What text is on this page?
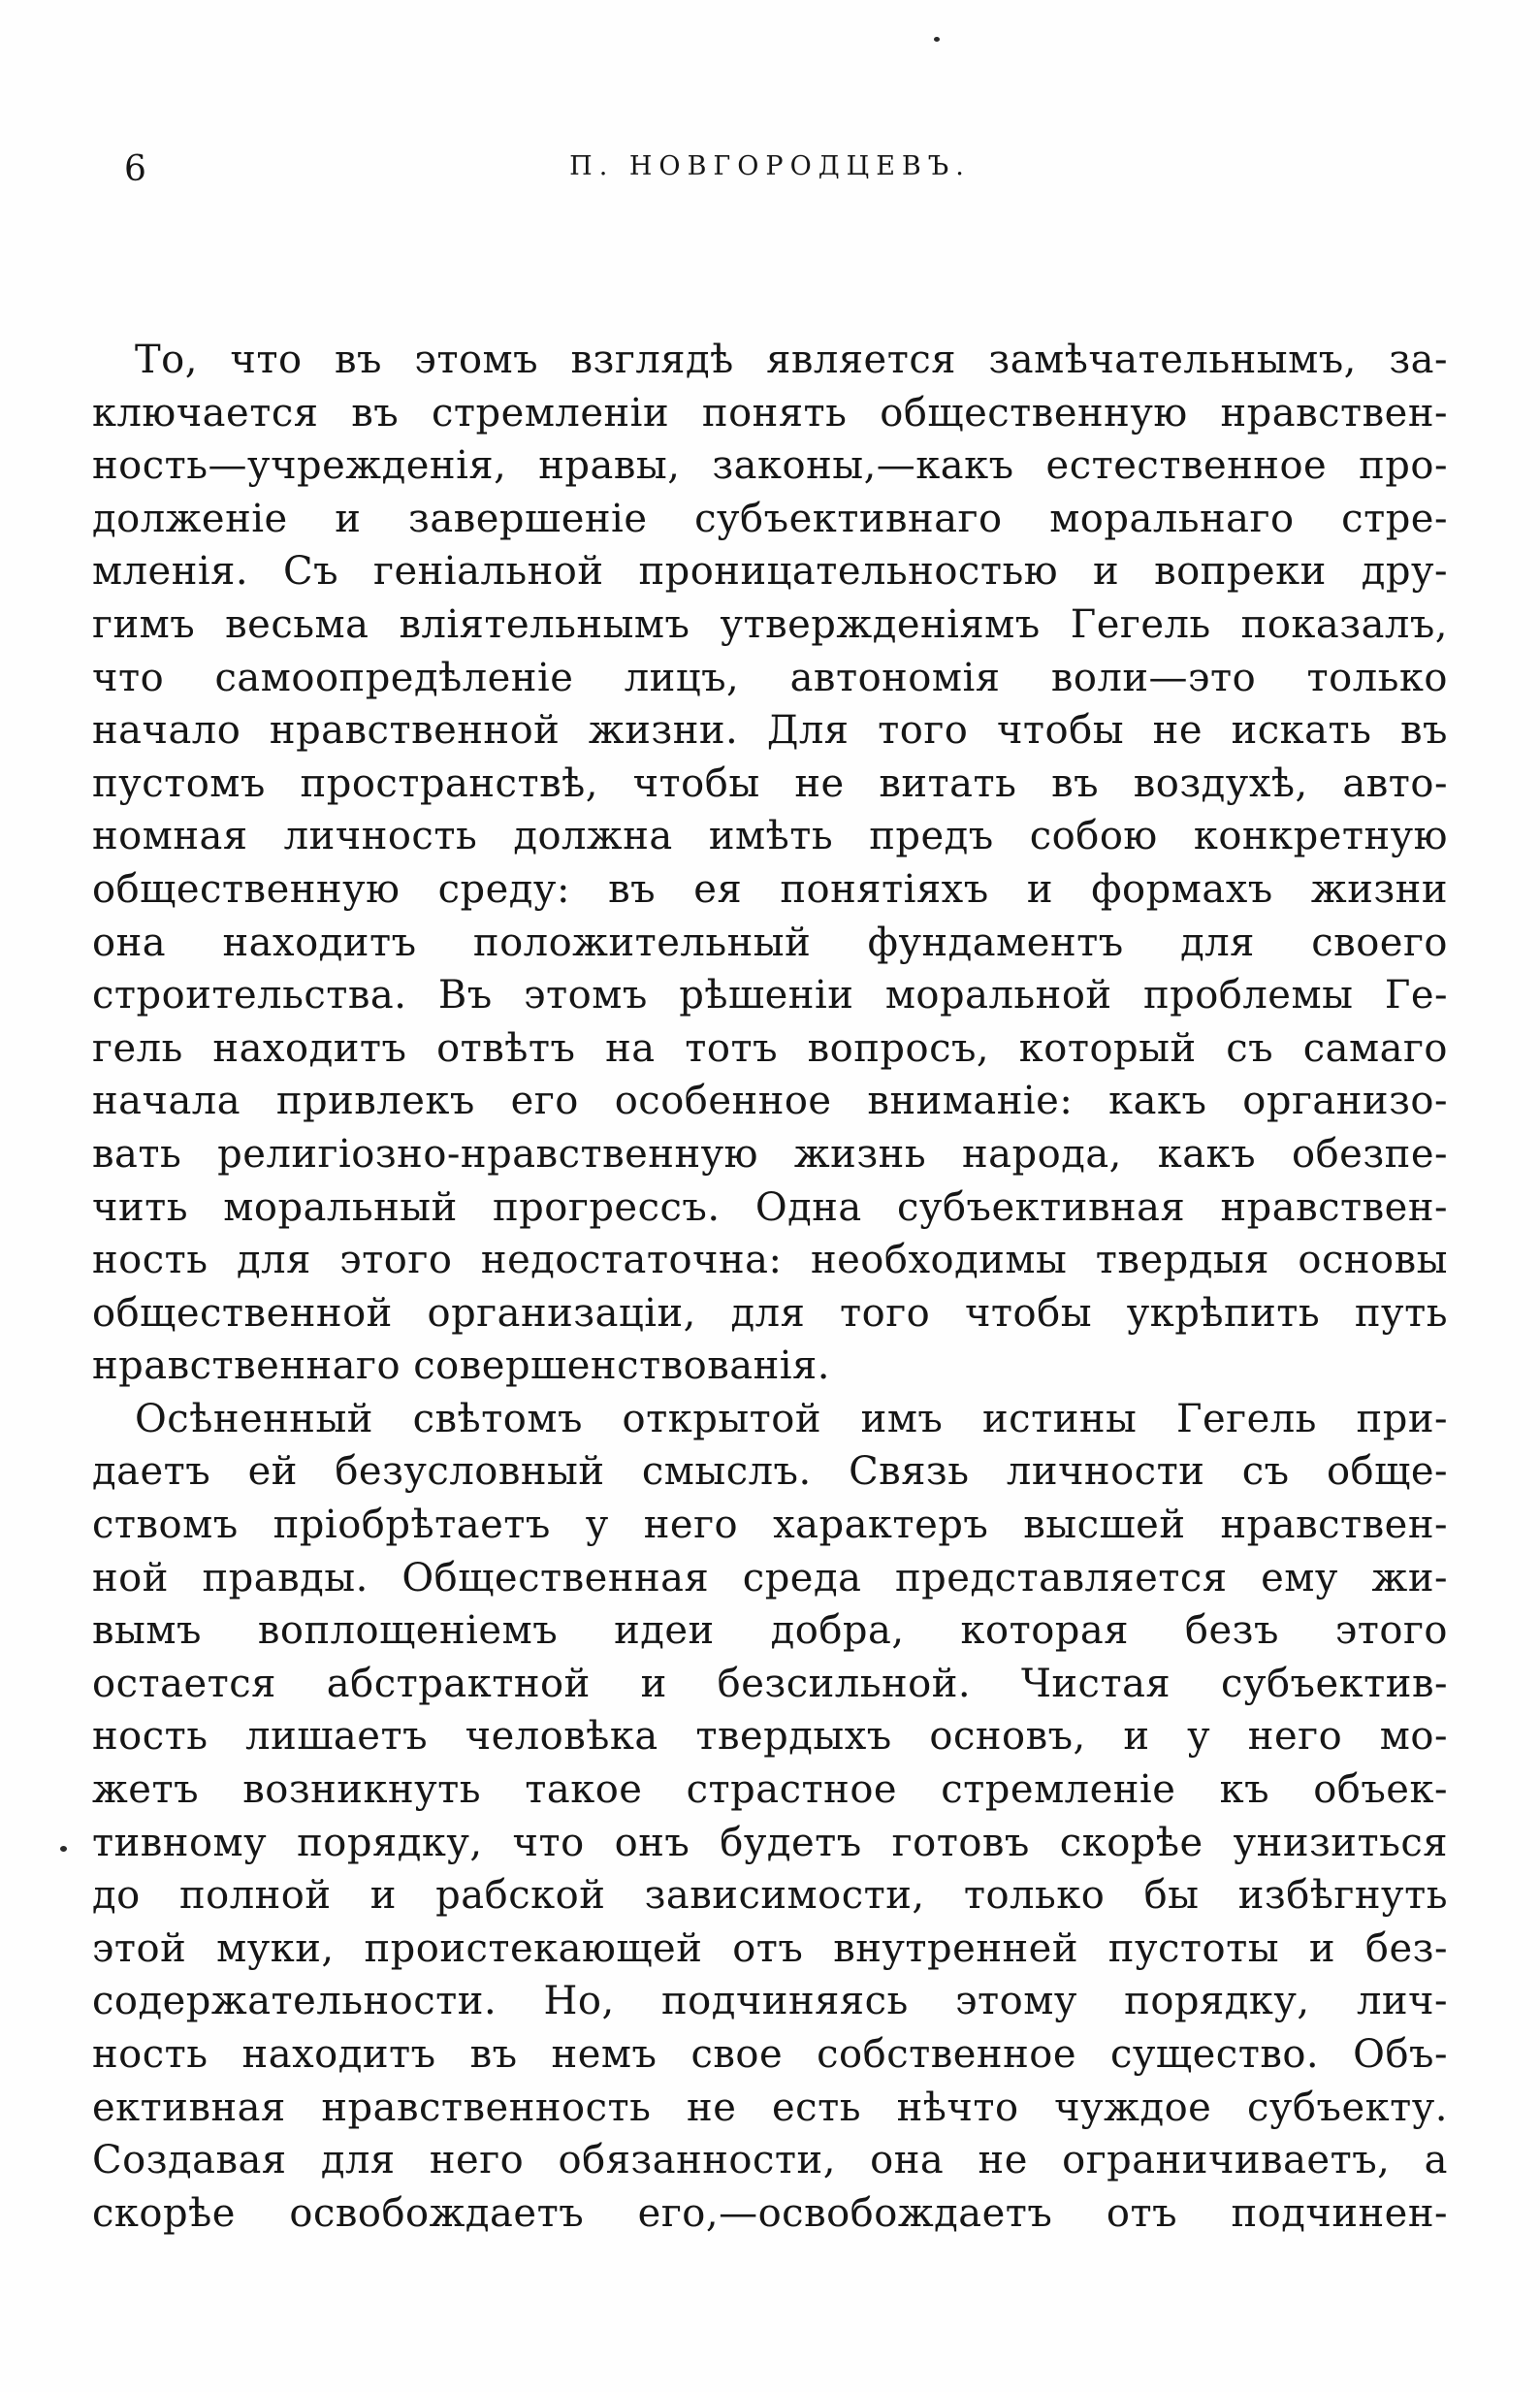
6	П. НОВГОРОДЦЕВЪ.
То, что въ этомъ взглядѣ является замѣчательнымъ, за-
ключается въ стремленіи понять общественную нравствен-
ность—учрежденія, нравы, законы,—какъ естественное про-
долженіе и завершеніе субъективнаго моральнаго стре-
мленія. Съ геніальной проницательностью и вопреки дру-
гимъ весьма вліятельнымъ утвержденіямъ Гегель показалъ,
что самоопредѣленіе лицъ, автономія воли—это только
начало нравственной жизни. Для того чтобы не искать въ
пустомъ пространствѣ, чтобы не витать въ воздухѣ, авто-
номная личность должна имѣть предъ собою конкретную
общественную среду: въ ея понятіяхъ и формахъ жизни
она находитъ положительный фундаментъ для своего
строительства. Въ этомъ рѣшеніи моральной проблемы Ге-
гель находитъ отвѣтъ на тотъ вопросъ, который съ самаго
начала привлекъ его особенное вниманіе: какъ организо-
вать религіозно-нравственную жизнь народа, какъ обезпе-
чить моральный прогрессъ. Одна субъективная нравствен-
ность для этого недостаточна: необходимы твердыя основы
общественной организаціи, для того чтобы укрѣпить путь
нравственнаго совершенствованія.
Осѣненный свѣтомъ открытой имъ истины Гегель при-
даетъ ей безусловный смыслъ. Связь личности съ обще-
ствомъ пріобрѣтаетъ у него характеръ высшей нравствен-
ной правды. Общественная среда представляется ему жи-
вымъ воплощеніемъ идеи добра, которая безъ этого
остается абстрактной и безсильной. Чистая субъектив-
ность лишаетъ человѣка твердыхъ основъ, и у него мо-
жетъ возникнуть такое страстное стремленіе къ объек-
тивному порядку, что онъ будетъ готовъ скорѣе унизиться
до полной и рабской зависимости, только бы избѣгнуть
этой муки, проистекающей отъ внутренней пустоты и без-
содержательности. Но, подчиняясь этому порядку, лич-
ность находитъ въ немъ свое собственное существо. Объ-
ективная нравственность не есть нѣчто чуждое субъекту.
Создавая для него обязанности, она не ограничиваетъ, а
скорѣе освобождаетъ его,—освобождаетъ отъ подчинен-
